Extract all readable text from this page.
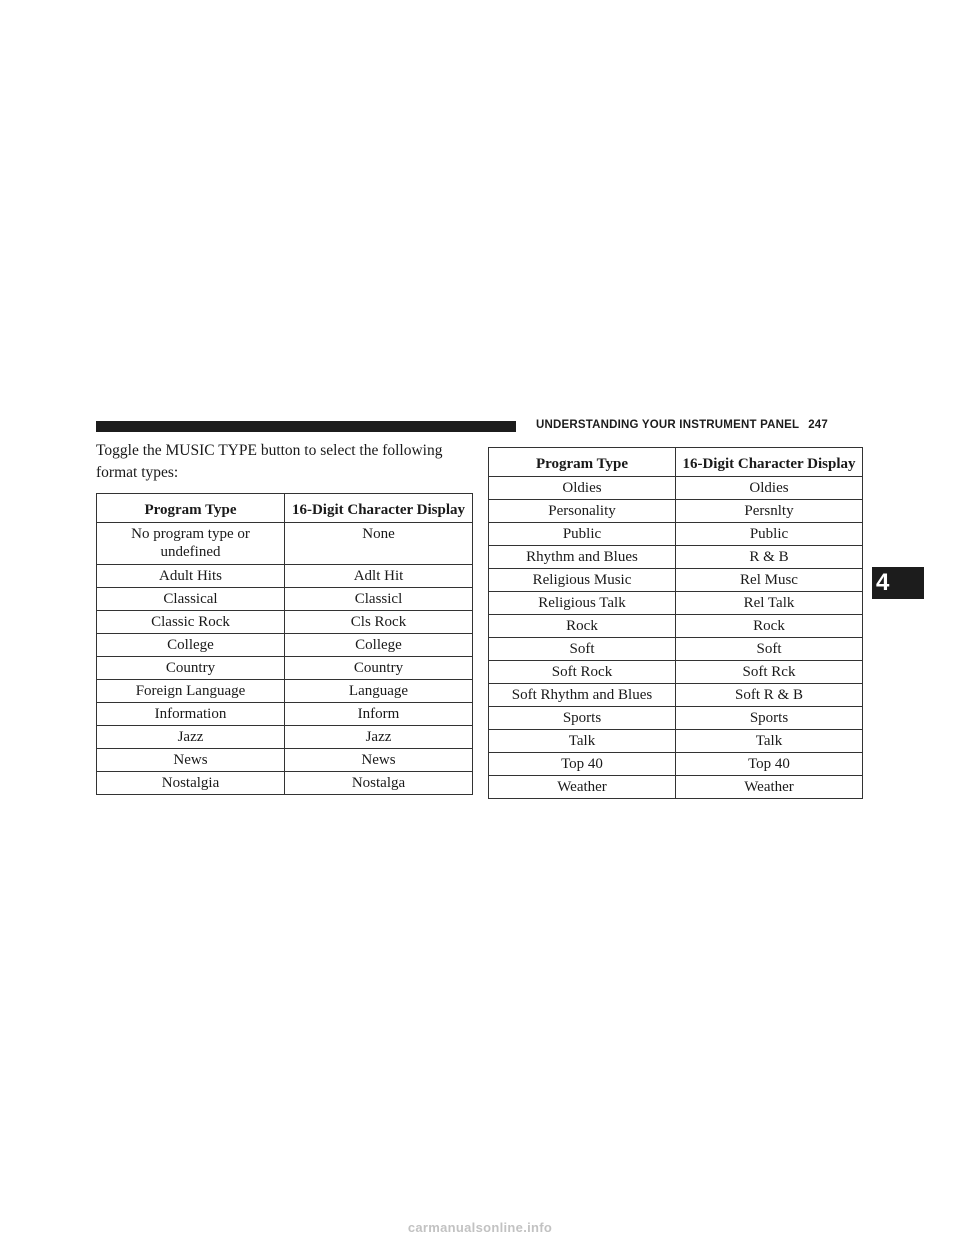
UNDERSTANDING YOUR INSTRUMENT PANEL 247
4
Toggle the MUSIC TYPE button to select the following
format types:
Program Type	16-Digit Character Display
No program type or undefined	None
Adult Hits	Adlt Hit
Classical	Classicl
Classic Rock	Cls Rock
College	College
Country	Country
Foreign Language	Language
Information	Inform
Jazz	Jazz
News	News
Nostalgia	Nostalga
Program Type	16-Digit Character Display
Oldies	Oldies
Personality	Persnlty
Public	Public
Rhythm and Blues	R & B
Religious Music	Rel Musc
Religious Talk	Rel Talk
Rock	Rock
Soft	Soft
Soft Rock	Soft Rck
Soft Rhythm and Blues	Soft R & B
Sports	Sports
Talk	Talk
Top 40	Top 40
Weather	Weather
carmanualsonline.info
